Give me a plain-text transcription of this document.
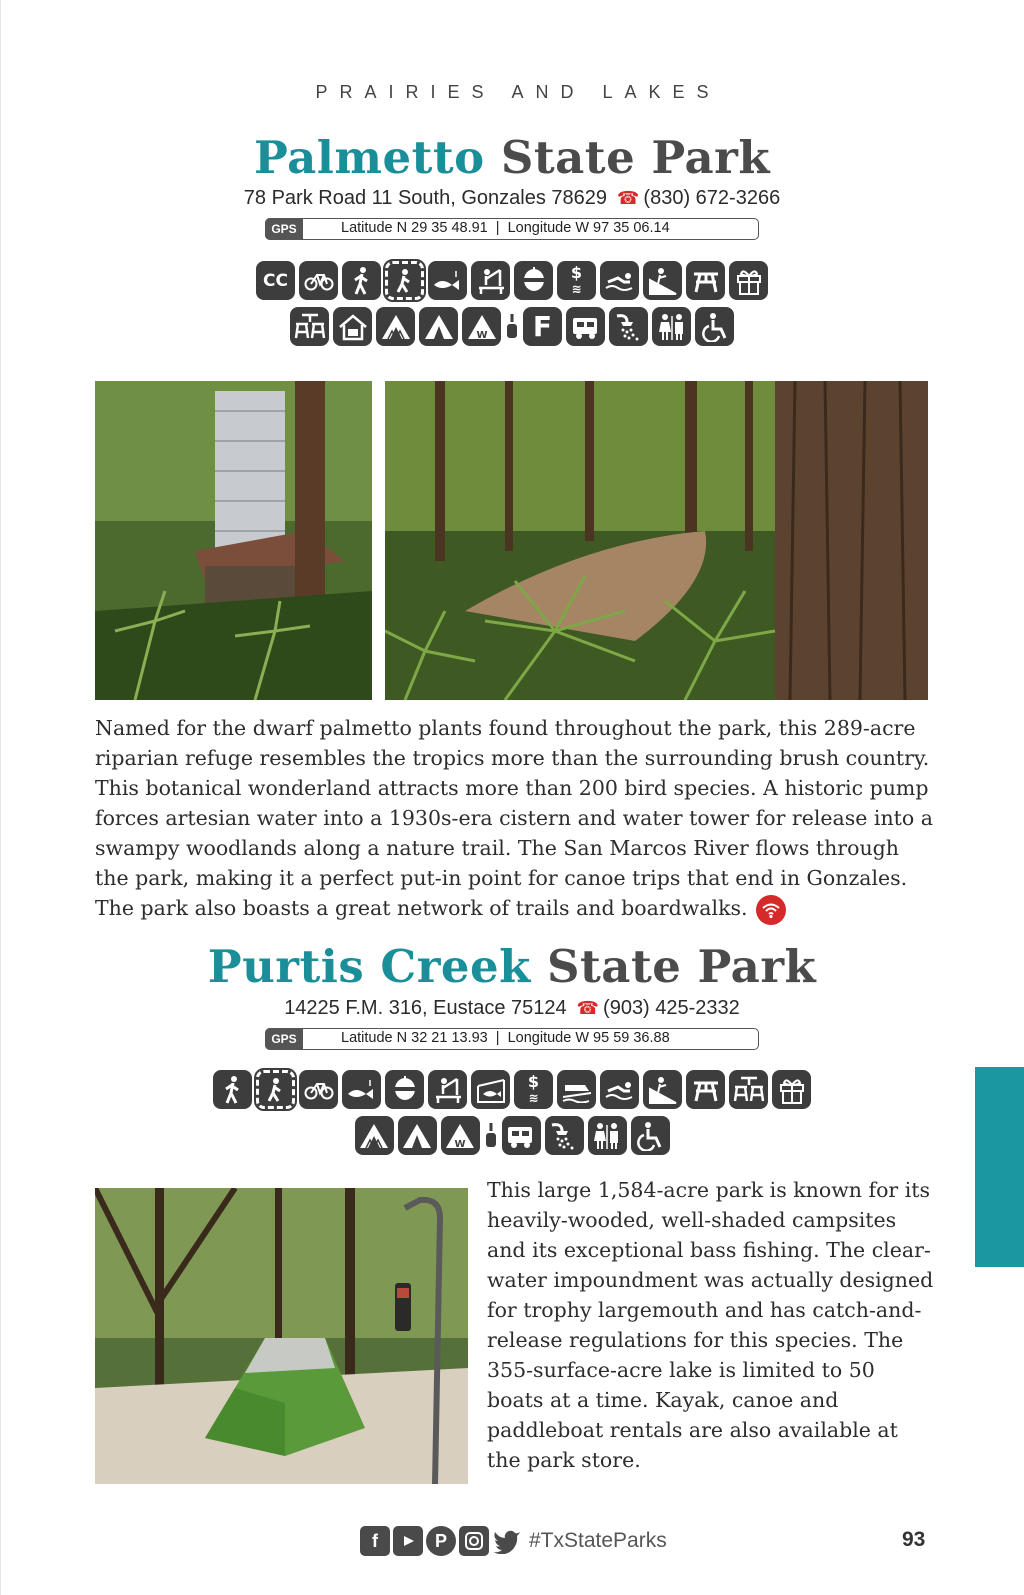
PRAIRIES AND LAKES
Palmetto State Park
78 Park Road 11 South, Gonzales 78629 ☎ (830) 672-3266
GPS	Latitude N 29 35 48.91  |  Longitude W 97 35 06.14
CC	$
≋
W	F

Named for the dwarf palmetto plants found throughout the park, this 289-acre riparian refuge resembles the tropics more than the surrounding brush country. This botanical wonderland attracts more than 200 bird species. A historic pump forces artesian water into a 1930s-era cistern and water tower for release into a swampy woodlands along a nature trail. The San Marcos River flows through the park, making it a perfect put-in point for canoe trips that end in Gonzales. The park also boasts a great network of trails and boardwalks.

Purtis Creek State Park
14225 F.M. 316, Eustace 75124 ☎ (903) 425-2332
GPS	Latitude N 32 21 13.93  |  Longitude W 95 59 36.88
$
≋
W

This large 1,584-acre park is known for its heavily-wooded, well-shaded campsites and its exceptional bass fishing. The clear-water impoundment was actually designed for trophy largemouth and has catch-and-release regulations for this species. The 355-surface-acre lake is limited to 50 boats at a time. Kayak, canoe and paddleboat rentals are also available at the park store.

f	P	#TxStateParks	93
